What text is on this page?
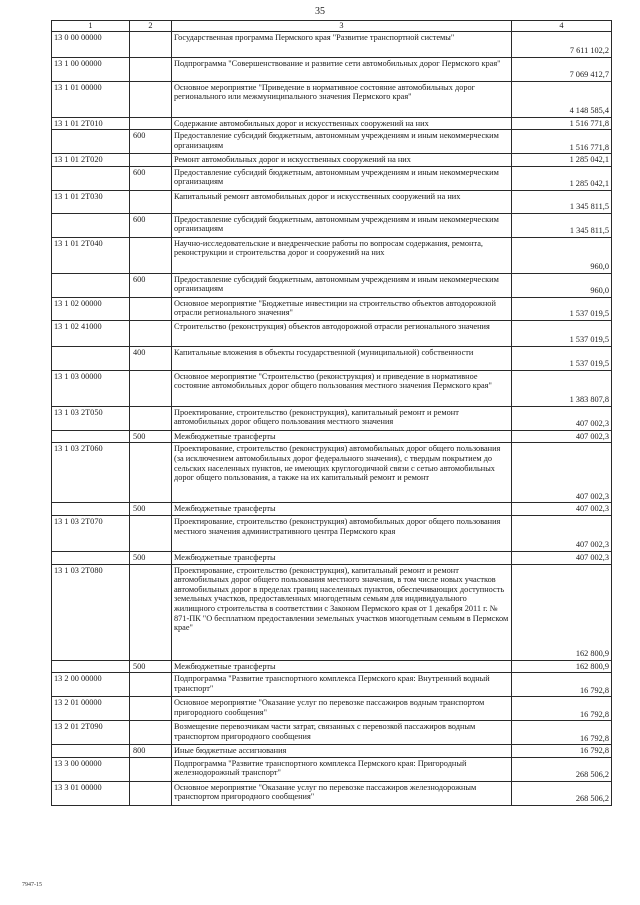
35
1	2	3	4
13 0 00 00000		Государственная программа Пермского края "Развитие транспортной системы"	7 611 102,2
13 1 00 00000		Подпрограмма "Совершенствование и развитие сети автомобильных дорог Пермского края"	7 069 412,7
13 1 01 00000		Основное мероприятие "Приведение в нормативное состояние автомобильных дорог регионального или межмуниципального значения Пермского края"	4 148 585,4
13 1 01 2Т010		Содержание автомобильных дорог и искусственных сооружений на них	1 516 771,8
	600	Предоставление субсидий бюджетным, автономным учреждениям и иным некоммерческим организациям	1 516 771,8
13 1 01 2Т020		Ремонт автомобильных дорог и искусственных сооружений на них	1 285 042,1
	600	Предоставление субсидий бюджетным, автономным учреждениям и иным некоммерческим организациям	1 285 042,1
13 1 01 2Т030		Капитальный ремонт автомобильных дорог и искусственных сооружений на них	1 345 811,5
	600	Предоставление субсидий бюджетным, автономным учреждениям и иным некоммерческим организациям	1 345 811,5
13 1 01 2Т040		Научно-исследовательские и внедренческие работы по вопросам содержания, ремонта, реконструкции и строительства дорог и сооружений на них	960,0
	600	Предоставление субсидий бюджетным, автономным учреждениям и иным некоммерческим организациям	960,0
13 1 02 00000		Основное мероприятие "Бюджетные инвестиции на строительство объектов автодорожной отрасли регионального значения"	1 537 019,5
13 1 02 41000		Строительство (реконструкция) объектов автодорожной отрасли регионального значения	1 537 019,5
	400	Капитальные вложения в объекты государственной (муниципальной) собственности	1 537 019,5
13 1 03 00000		Основное мероприятие "Строительство (реконструкция) и приведение в нормативное состояние автомобильных дорог общего пользования местного значения Пермского края"	1 383 807,8
13 1 03 2Т050		Проектирование, строительство (реконструкция), капитальный ремонт и ремонт автомобильных дорог общего пользования местного значения	407 002,3
	500	Межбюджетные трансферты	407 002,3
13 1 03 2Т060		Проектирование, строительство (реконструкция) автомобильных дорог общего пользования (за исключением автомобильных дорог федерального значения), с твердым покрытием до сельских населенных пунктов, не имеющих круглогодичной связи с сетью автомобильных дорог общего пользования, а также на их капитальный ремонт и ремонт	407 002,3
	500	Межбюджетные трансферты	407 002,3
13 1 03 2Т070		Проектирование, строительство (реконструкция) автомобильных дорог общего пользования местного значения административного центра Пермского края	407 002,3
	500	Межбюджетные трансферты	407 002,3
13 1 03 2Т080		Проектирование, строительство (реконструкция), капитальный ремонт и ремонт автомобильных дорог общего пользования местного значения, в том числе новых участков автомобильных дорог в пределах границ населенных пунктов, обеспечивающих доступность земельных участков, предоставленных многодетным семьям для индивидуального жилищного строительства в соответствии с Законом Пермского края от 1 декабря 2011 г. № 871-ПК "О бесплатном предоставлении земельных участков многодетным семьям в Пермском крае"	162 800,9
	500	Межбюджетные трансферты	162 800,9
13 2 00 00000		Подпрограмма "Развитие транспортного комплекса Пермского края: Внутренний водный транспорт"	16 792,8
13 2 01 00000		Основное мероприятие "Оказание услуг по перевозке пассажиров водным транспортом пригородного сообщения"	16 792,8
13 2 01 2Т090		Возмещение перевозчикам части затрат, связанных с перевозкой пассажиров водным транспортом пригородного сообщения	16 792,8
	800	Иные бюджетные ассигнования	16 792,8
13 3 00 00000		Подпрограмма "Развитие транспортного комплекса Пермского края: Пригородный железнодорожный транспорт"	268 506,2
13 3 01 00000		Основное мероприятие "Оказание услуг по перевозке пассажиров железнодорожным транспортом пригородного сообщения"	268 506,2
7947-15
